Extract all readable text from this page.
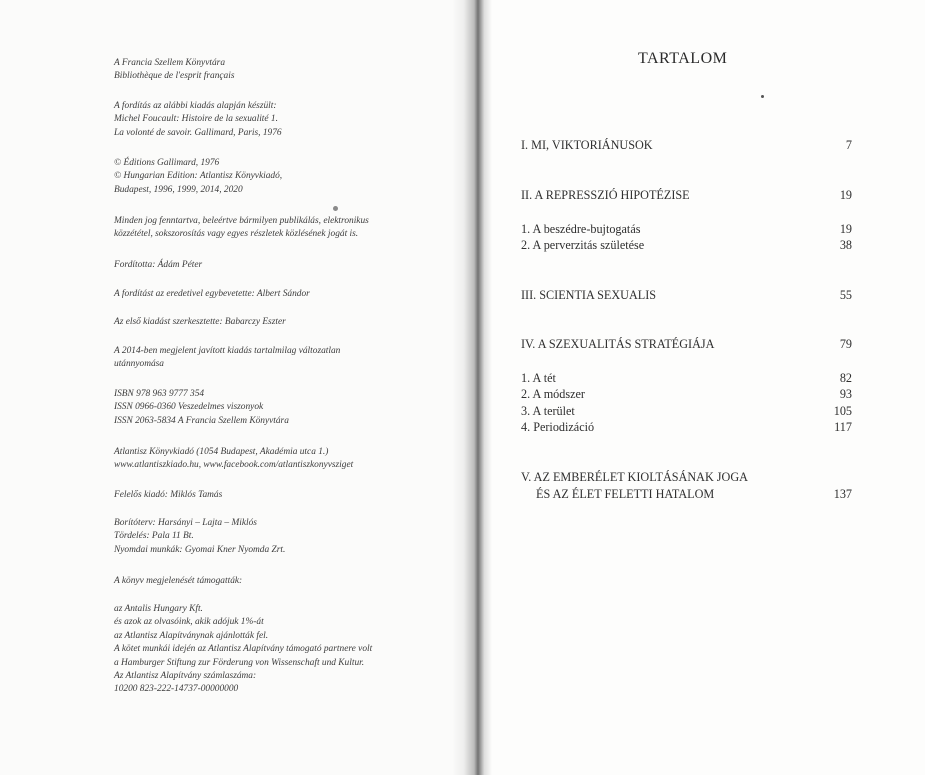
A Francia Szellem Könyvtára
Bibliothèque de l'esprit français
A fordítás az alábbi kiadás alapján készült:
Michel Foucault: Histoire de la sexualité 1.
La volonté de savoir. Gallimard, Paris, 1976
© Éditions Gallimard, 1976
© Hungarian Edition: Atlantisz Könyvkiadó,
Budapest, 1996, 1999, 2014, 2020
Minden jog fenntartva, beleértve bármilyen publikálás, elektronikus
közzététel, sokszorosítás vagy egyes részletek közlésének jogát is.
Fordította: Ádám Péter
A fordítást az eredetivel egybevetette: Albert Sándor
Az első kiadást szerkesztette: Babarczy Eszter
A 2014-ben megjelent javított kiadás tartalmilag változatlan
utánnyomása
ISBN 978 963 9777 354
ISSN 0966-0360 Veszedelmes viszonyok
ISSN 2063-5834 A Francia Szellem Könyvtára
Atlantisz Könyvkiadó (1054 Budapest, Akadémia utca 1.)
www.atlantiszkiado.hu, www.facebook.com/atlantiszkonyvsziget
Felelős kiadó: Miklós Tamás
Borítóterv: Harsányi – Lajta – Miklós
Tördelés: Pala 11 Bt.
Nyomdai munkák: Gyomai Kner Nyomda Zrt.
A könyv megjelenését támogatták:
az Antalis Hungary Kft.
és azok az olvasóink, akik adójuk 1%-át
az Atlantisz Alapítványnak ajánlották fel.
A kötet munkái idején az Atlantisz Alapítvány támogató partnere volt
a Hamburger Stiftung zur Förderung von Wissenschaft und Kultur.
Az Atlantisz Alapítvány számlaszáma:
10200 823-222-14737-00000000
TARTALOM
I. MI, VIKTORIÁNUSOK	7
II. A REPRESSZIÓ HIPOTÉZISE	19
1. A beszédre-bujtogatás	19
2. A perverzitás születése	38
III. SCIENTIA SEXUALIS	55
IV. A SZEXUALITÁS STRATÉGIÁJA	79
1. A tét	82
2. A módszer	93
3. A terület	105
4. Periodizáció	117
V. AZ EMBERÉLET KIOLTÁSÁNAK JOGA
ÉS AZ ÉLET FELETTI HATALOM	137
